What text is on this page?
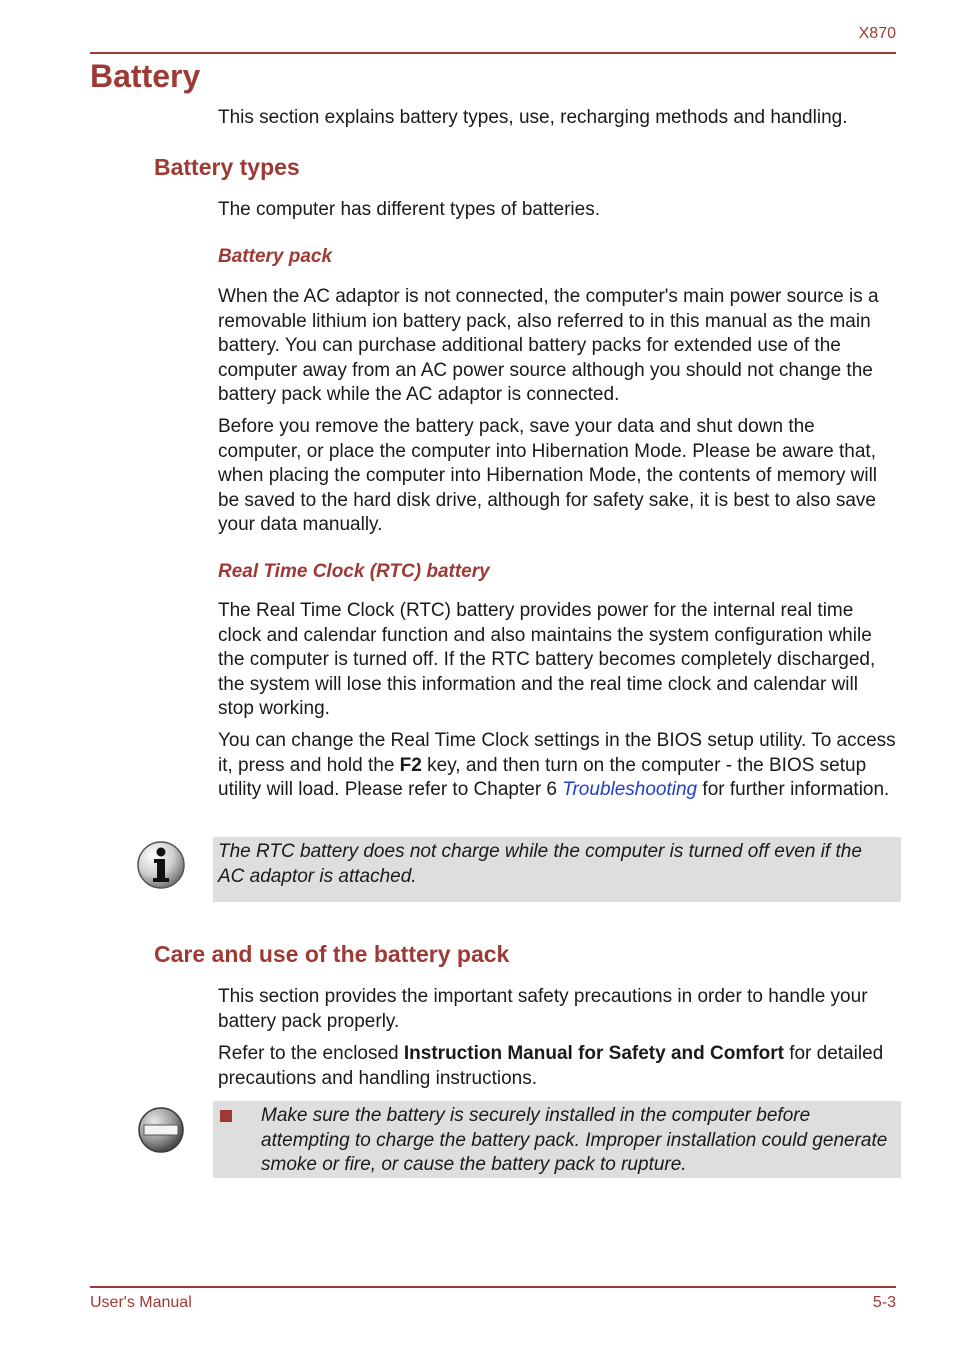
X870
Battery

This section explains battery types, use, recharging methods and handling.

Battery types

The computer has different types of batteries.

Battery pack

When the AC adaptor is not connected, the computer's main power source is a removable lithium ion battery pack, also referred to in this manual as the main battery. You can purchase additional battery packs for extended use of the computer away from an AC power source although you should not change the battery pack while the AC adaptor is connected.

Before you remove the battery pack, save your data and shut down the computer, or place the computer into Hibernation Mode. Please be aware that, when placing the computer into Hibernation Mode, the contents of memory will be saved to the hard disk drive, although for safety sake, it is best to also save your data manually.

Real Time Clock (RTC) battery

The Real Time Clock (RTC) battery provides power for the internal real time clock and calendar function and also maintains the system configuration while the computer is turned off. If the RTC battery becomes completely discharged, the system will lose this information and the real time clock and calendar will stop working.

You can change the Real Time Clock settings in the BIOS setup utility. To access it, press and hold the F2 key, and then turn on the computer - the BIOS setup utility will load. Please refer to Chapter 6 Troubleshooting for further information.

The RTC battery does not charge while the computer is turned off even if the AC adaptor is attached.
Care and use of the battery pack

This section provides the important safety precautions in order to handle your battery pack properly.

Refer to the enclosed Instruction Manual for Safety and Comfort for detailed precautions and handling instructions.

Make sure the battery is securely installed in the computer before attempting to charge the battery pack. Improper installation could generate smoke or fire, or cause the battery pack to rupture.
User's Manual	5-3
